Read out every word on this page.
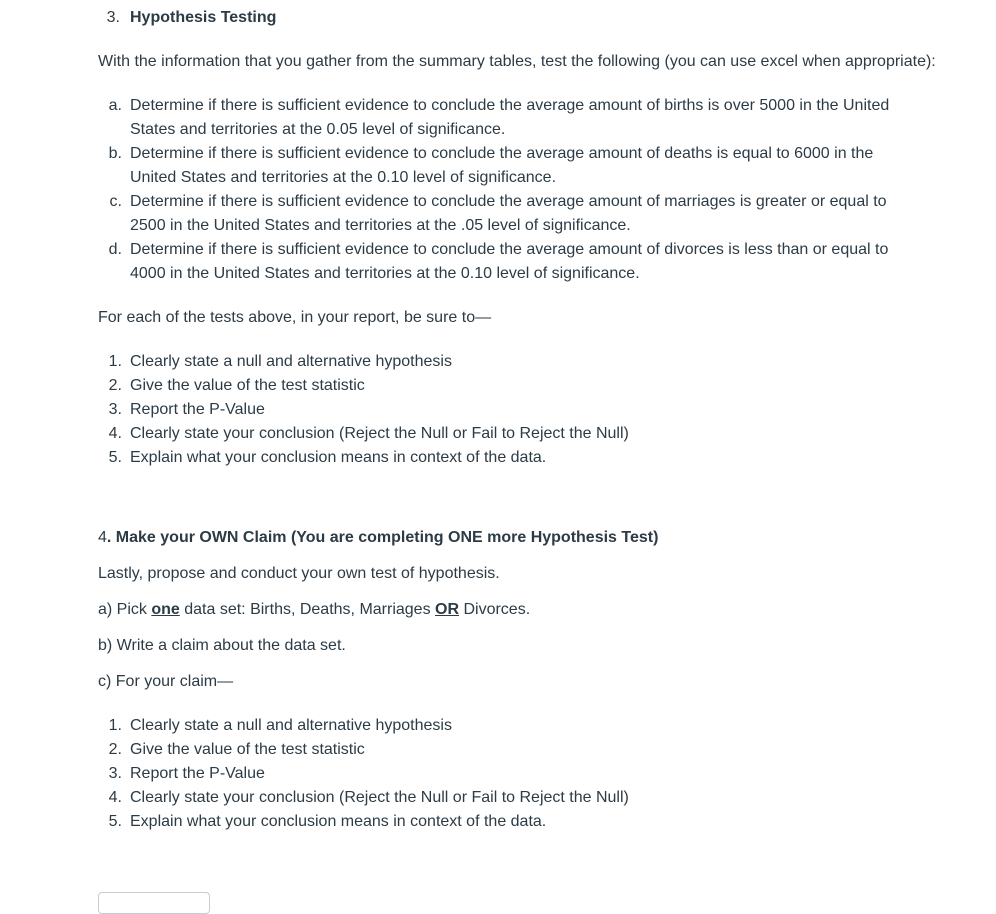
3. Hypothesis Testing
With the information that you gather from the summary tables, test the following (you can use excel when appropriate):
a. Determine if there is sufficient evidence to conclude the average amount of births is over 5000 in the United
States and territories at the 0.05 level of significance.
b. Determine if there is sufficient evidence to conclude the average amount of deaths is equal to 6000 in the
United States and territories at the 0.10 level of significance.
c. Determine if there is sufficient evidence to conclude the average amount of marriages is greater or equal to
2500 in the United States and territories at the .05 level of significance.
d. Determine if there is sufficient evidence to conclude the average amount of divorces is less than or equal to
4000 in the United States and territories at the 0.10 level of significance.
For each of the tests above, in your report, be sure to—
1. Clearly state a null and alternative hypothesis
2. Give the value of the test statistic
3. Report the P-Value
4. Clearly state your conclusion (Reject the Null or Fail to Reject the Null)
5. Explain what your conclusion means in context of the data.
4. Make your OWN Claim (You are completing ONE more Hypothesis Test)
Lastly, propose and conduct your own test of hypothesis.
a) Pick one data set: Births, Deaths, Marriages OR Divorces.
b) Write a claim about the data set.
c) For your claim—
1. Clearly state a null and alternative hypothesis
2. Give the value of the test statistic
3. Report the P-Value
4. Clearly state your conclusion (Reject the Null or Fail to Reject the Null)
5. Explain what your conclusion means in context of the data.
